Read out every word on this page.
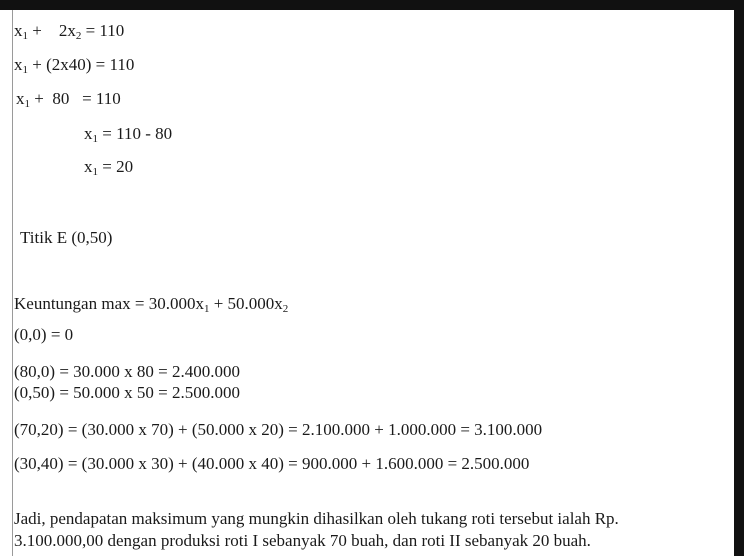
$x_1$ +    $2x_2 = 110$
$x_1 + (2x40) = 110$
$x_1 + 80 = 110$
$x_1 = 110 - 80$
$x_1 = 20$
Titik E (0,50)
Keuntungan $\max = 30.000x_1 + 50.000x_2$
(0,0) = 0
(80,0) = 30.000 x 80 = 2.400.000
(0,50) = 50.000 x 50 = 2.500.000
(70,20) = (30.000 x 70) + (50.000 x 20) = 2.100.000 + 1.000.000 = 3.100.000
(30,40) = (30.000 x 30) + (40.000 x 40) = 900.000 + 1.600.000 = 2.500.000
Jadi, pendapatan maksimum yang mungkin dihasilkan oleh tukang roti tersebut ialah Rp.
3.100.000,00 dengan produksi roti I sebanyak 70 buah, dan roti II sebanyak 20 buah.
